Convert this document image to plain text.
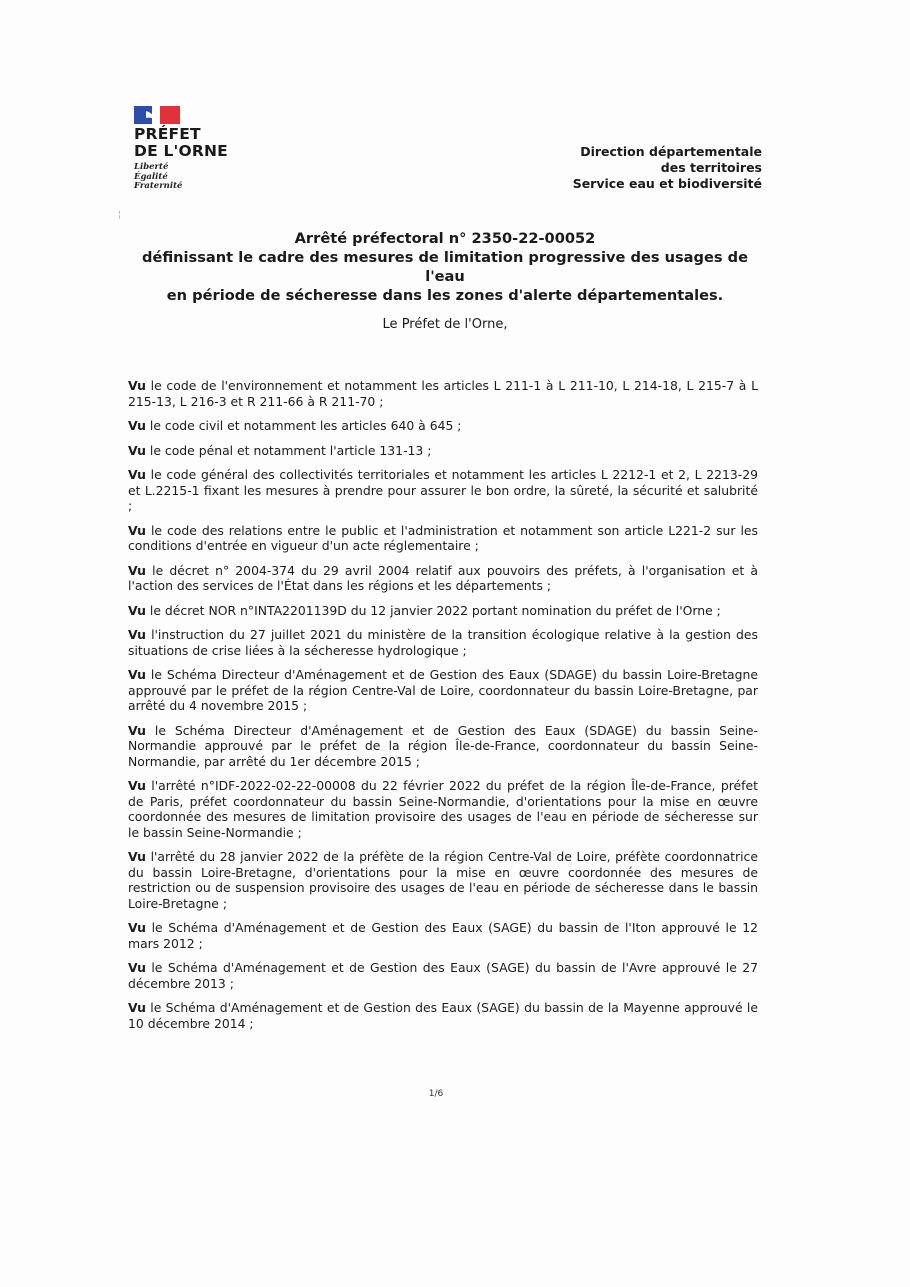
PRÉFET
DE L'ORNE
Liberté
Égalité
Fraternité
Direction départementale
des territoires
Service eau et biodiversité
¦
Arrêté préfectoral n° 2350-22-00052
définissant le cadre des mesures de limitation progressive des usages de l'eau
en période de sécheresse dans les zones d'alerte départementales.
Le Préfet de l'Orne,

Vu le code de l'environnement et notamment les articles L 211-1 à L 211-10, L 214-18, L 215-7 à L 215-13, L 216-3 et R 211-66 à R 211-70 ;

Vu le code civil et notamment les articles 640 à 645 ;

Vu le code pénal et notamment l'article 131-13 ;

Vu le code général des collectivités territoriales et notamment les articles L 2212-1 et 2, L 2213-29 et L.2215-1 fixant les mesures à prendre pour assurer le bon ordre, la sûreté, la sécurité et salubrité ;

Vu le code des relations entre le public et l'administration et notamment son article L221-2 sur les conditions d'entrée en vigueur d'un acte réglementaire ;

Vu le décret n° 2004-374 du 29 avril 2004 relatif aux pouvoirs des préfets, à l'organisation et à l'action des services de l'État dans les régions et les départements ;

Vu le décret NOR n°INTA2201139D du 12 janvier 2022 portant nomination du préfet de l'Orne ;

Vu l'instruction du 27 juillet 2021 du ministère de la transition écologique relative à la gestion des situations de crise liées à la sécheresse hydrologique ;

Vu le Schéma Directeur d'Aménagement et de Gestion des Eaux (SDAGE) du bassin Loire-Bretagne approuvé par le préfet de la région Centre-Val de Loire, coordonnateur du bassin Loire-Bretagne, par arrêté du 4 novembre 2015 ;

Vu le Schéma Directeur d'Aménagement et de Gestion des Eaux (SDAGE) du bassin Seine-Normandie approuvé par le préfet de la région Île-de-France, coordonnateur du bassin Seine-Normandie, par arrêté du 1er décembre 2015 ;

Vu l'arrêté n°IDF-2022-02-22-00008 du 22 février 2022 du préfet de la région Île-de-France, préfet de Paris, préfet coordonnateur du bassin Seine-Normandie, d'orientations pour la mise en œuvre coordonnée des mesures de limitation provisoire des usages de l'eau en période de sécheresse sur le bassin Seine-Normandie ;

Vu l'arrêté du 28 janvier 2022 de la préfète de la région Centre-Val de Loire, préfète coordonnatrice du bassin Loire-Bretagne, d'orientations pour la mise en œuvre coordonnée des mesures de restriction ou de suspension provisoire des usages de l'eau en période de sécheresse dans le bassin Loire-Bretagne ;

Vu le Schéma d'Aménagement et de Gestion des Eaux (SAGE) du bassin de l'Iton approuvé le 12 mars 2012 ;

Vu le Schéma d'Aménagement et de Gestion des Eaux (SAGE) du bassin de l'Avre approuvé le 27 décembre 2013 ;

Vu le Schéma d'Aménagement et de Gestion des Eaux (SAGE) du bassin de la Mayenne approuvé le 10 décembre 2014 ;

1/6
